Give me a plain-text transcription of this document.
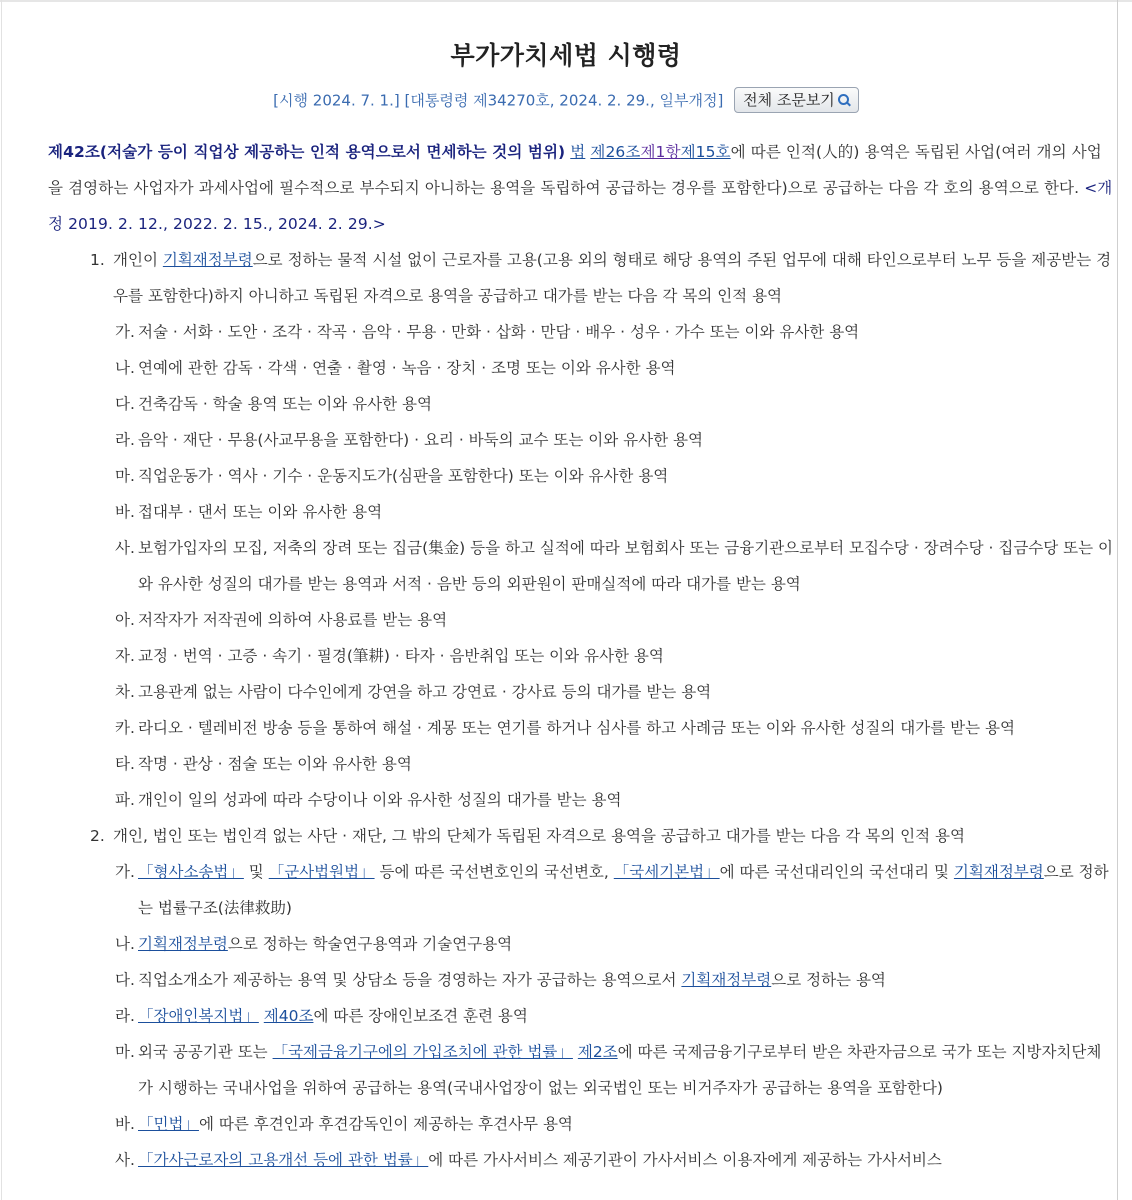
부가가치세법 시행령
[시행 2024. 7. 1.] [대통령령 제34270호, 2024. 2. 29., 일부개정] 전체 조문보기
제42조(저술가 등이 직업상 제공하는 인적 용역으로서 면세하는 것의 범위) 법 제26조제1항제15호에 따른 인적(人的) 용역은 독립된 사업(여러 개의 사업을 겸영하는 사업자가 과세사업에 필수적으로 부수되지 아니하는 용역을 독립하여 공급하는 경우를 포함한다)으로 공급하는 다음 각 호의 용역으로 한다. <개정 2019. 2. 12., 2022. 2. 15., 2024. 2. 29.>
1. 개인이 기획재정부령으로 정하는 물적 시설 없이 근로자를 고용(고용 외의 형태로 해당 용역의 주된 업무에 대해 타인으로부터 노무 등을 제공받는 경우를 포함한다)하지 아니하고 독립된 자격으로 용역을 공급하고 대가를 받는 다음 각 목의 인적 용역
가. 저술 · 서화 · 도안 · 조각 · 작곡 · 음악 · 무용 · 만화 · 삽화 · 만담 · 배우 · 성우 · 가수 또는 이와 유사한 용역
나. 연예에 관한 감독 · 각색 · 연출 · 촬영 · 녹음 · 장치 · 조명 또는 이와 유사한 용역
다. 건축감독 · 학술 용역 또는 이와 유사한 용역
라. 음악 · 재단 · 무용(사교무용을 포함한다) · 요리 · 바둑의 교수 또는 이와 유사한 용역
마. 직업운동가 · 역사 · 기수 · 운동지도가(심판을 포함한다) 또는 이와 유사한 용역
바. 접대부 · 댄서 또는 이와 유사한 용역
사. 보험가입자의 모집, 저축의 장려 또는 집금(集金) 등을 하고 실적에 따라 보험회사 또는 금융기관으로부터 모집수당 · 장려수당 · 집금수당 또는 이와 유사한 성질의 대가를 받는 용역과 서적 · 음반 등의 외판원이 판매실적에 따라 대가를 받는 용역
아. 저작자가 저작권에 의하여 사용료를 받는 용역
자. 교정 · 번역 · 고증 · 속기 · 필경(筆耕) · 타자 · 음반취입 또는 이와 유사한 용역
차. 고용관계 없는 사람이 다수인에게 강연을 하고 강연료 · 강사료 등의 대가를 받는 용역
카. 라디오 · 텔레비전 방송 등을 통하여 해설 · 계몽 또는 연기를 하거나 심사를 하고 사례금 또는 이와 유사한 성질의 대가를 받는 용역
타. 작명 · 관상 · 점술 또는 이와 유사한 용역
파. 개인이 일의 성과에 따라 수당이나 이와 유사한 성질의 대가를 받는 용역
2. 개인, 법인 또는 법인격 없는 사단 · 재단, 그 밖의 단체가 독립된 자격으로 용역을 공급하고 대가를 받는 다음 각 목의 인적 용역
가. 「형사소송법」 및 「군사법원법」 등에 따른 국선변호인의 국선변호, 「국세기본법」에 따른 국선대리인의 국선대리 및 기획재정부령으로 정하는 법률구조(法律救助)
나. 기획재정부령으로 정하는 학술연구용역과 기술연구용역
다. 직업소개소가 제공하는 용역 및 상담소 등을 경영하는 자가 공급하는 용역으로서 기획재정부령으로 정하는 용역
라. 「장애인복지법」 제40조에 따른 장애인보조견 훈련 용역
마. 외국 공공기관 또는 「국제금융기구에의 가입조치에 관한 법률」 제2조에 따른 국제금융기구로부터 받은 차관자금으로 국가 또는 지방자치단체가 시행하는 국내사업을 위하여 공급하는 용역(국내사업장이 없는 외국법인 또는 비거주자가 공급하는 용역을 포함한다)
바. 「민법」에 따른 후견인과 후견감독인이 제공하는 후견사무 용역
사. 「가사근로자의 고용개선 등에 관한 법률」에 따른 가사서비스 제공기관이 가사서비스 이용자에게 제공하는 가사서비스
